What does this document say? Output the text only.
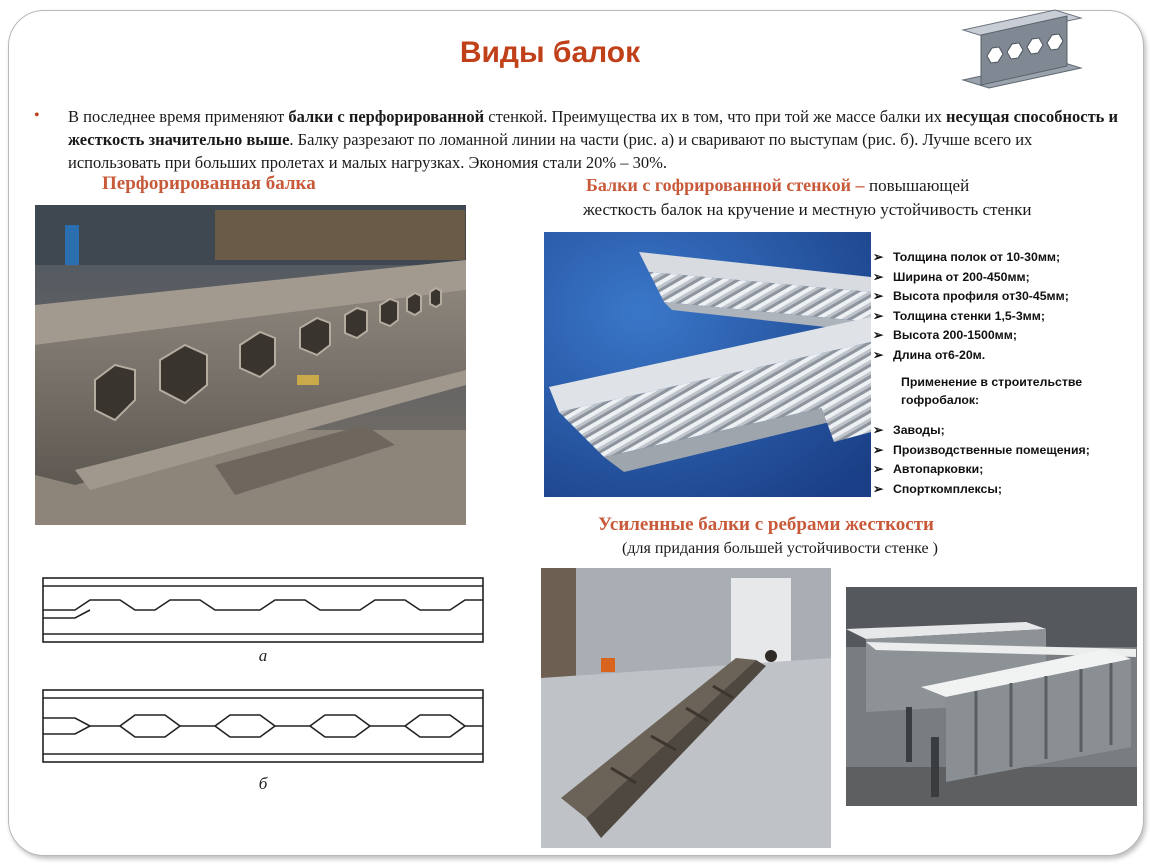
Виды балок
• В последнее время применяют балки с перфорированной стенкой. Преимущества их в том, что при той же массе балки их несущая способность и жесткость значительно выше. Балку разрезают по ломанной линии на части (рис. а) и сваривают по выступам (рис. б). Лучше всего их использовать при больших пролетах и малых нагрузках. Экономия стали 20% – 30%.
Перфорированная балка	Балки с гофрированной стенкой – повышающей
жесткость балок на кручение и местную устойчивость стенки
➢ Толщина полок от 10-30мм;
➢ Ширина от 200-450мм;
➢ Высота профиля от30-45мм;
➢ Толщина стенки 1,5-3мм;
➢ Высота 200-1500мм;
➢ Длина от6-20м.
Применение в строительстве гофробалок:
➢ Заводы;
➢ Производственные помещения;
➢ Автопарковки;
➢ Спорткомплексы;
Усиленные балки с ребрами жесткости
(для придания большей устойчивости стенке )
а
б
